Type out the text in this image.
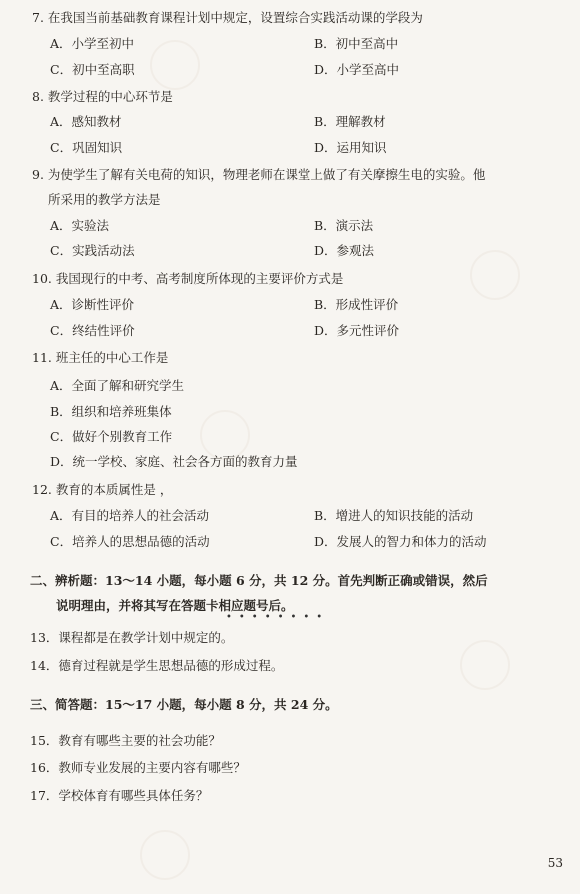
7. 在我国当前基础教育课程计划中规定，设置综合实践活动课的学段为
A．小学至初中	B．初中至高中
C．初中至高职	D．小学至高中
8. 教学过程的中心环节是
A．感知教材	B．理解教材
C．巩固知识	D．运用知识
9. 为使学生了解有关电荷的知识，物理老师在课堂上做了有关摩擦生电的实验。他
所采用的教学方法是
A．实验法	B．演示法
C．实践活动法	D．参观法
10. 我国现行的中考、高考制度所体现的主要评价方式是
A．诊断性评价	B．形成性评价
C．终结性评价	D．多元性评价
11. 班主任的中心工作是
A．全面了解和研究学生
B．组织和培养班集体
C．做好个别教育工作
D．统一学校、家庭、社会各方面的教育力量
12. 教育的本质属性是 ，
A．有目的培养人的社会活动	B．增进人的知识技能的活动
C．培养人的思想品德的活动	D．发展人的智力和体力的活动
二、辨析题：13～14 小题，每小题 6 分，共 12 分。首先判断正确或错误，然后
说明理由，并将其写在答题卡相应题号后。
••••••••
13．课程都是在教学计划中规定的。
14．德育过程就是学生思想品德的形成过程。
三、简答题：15～17 小题，每小题 8 分，共 24 分。
15．教育有哪些主要的社会功能？
16．教师专业发展的主要内容有哪些？
17．学校体育有哪些具体任务？
53
